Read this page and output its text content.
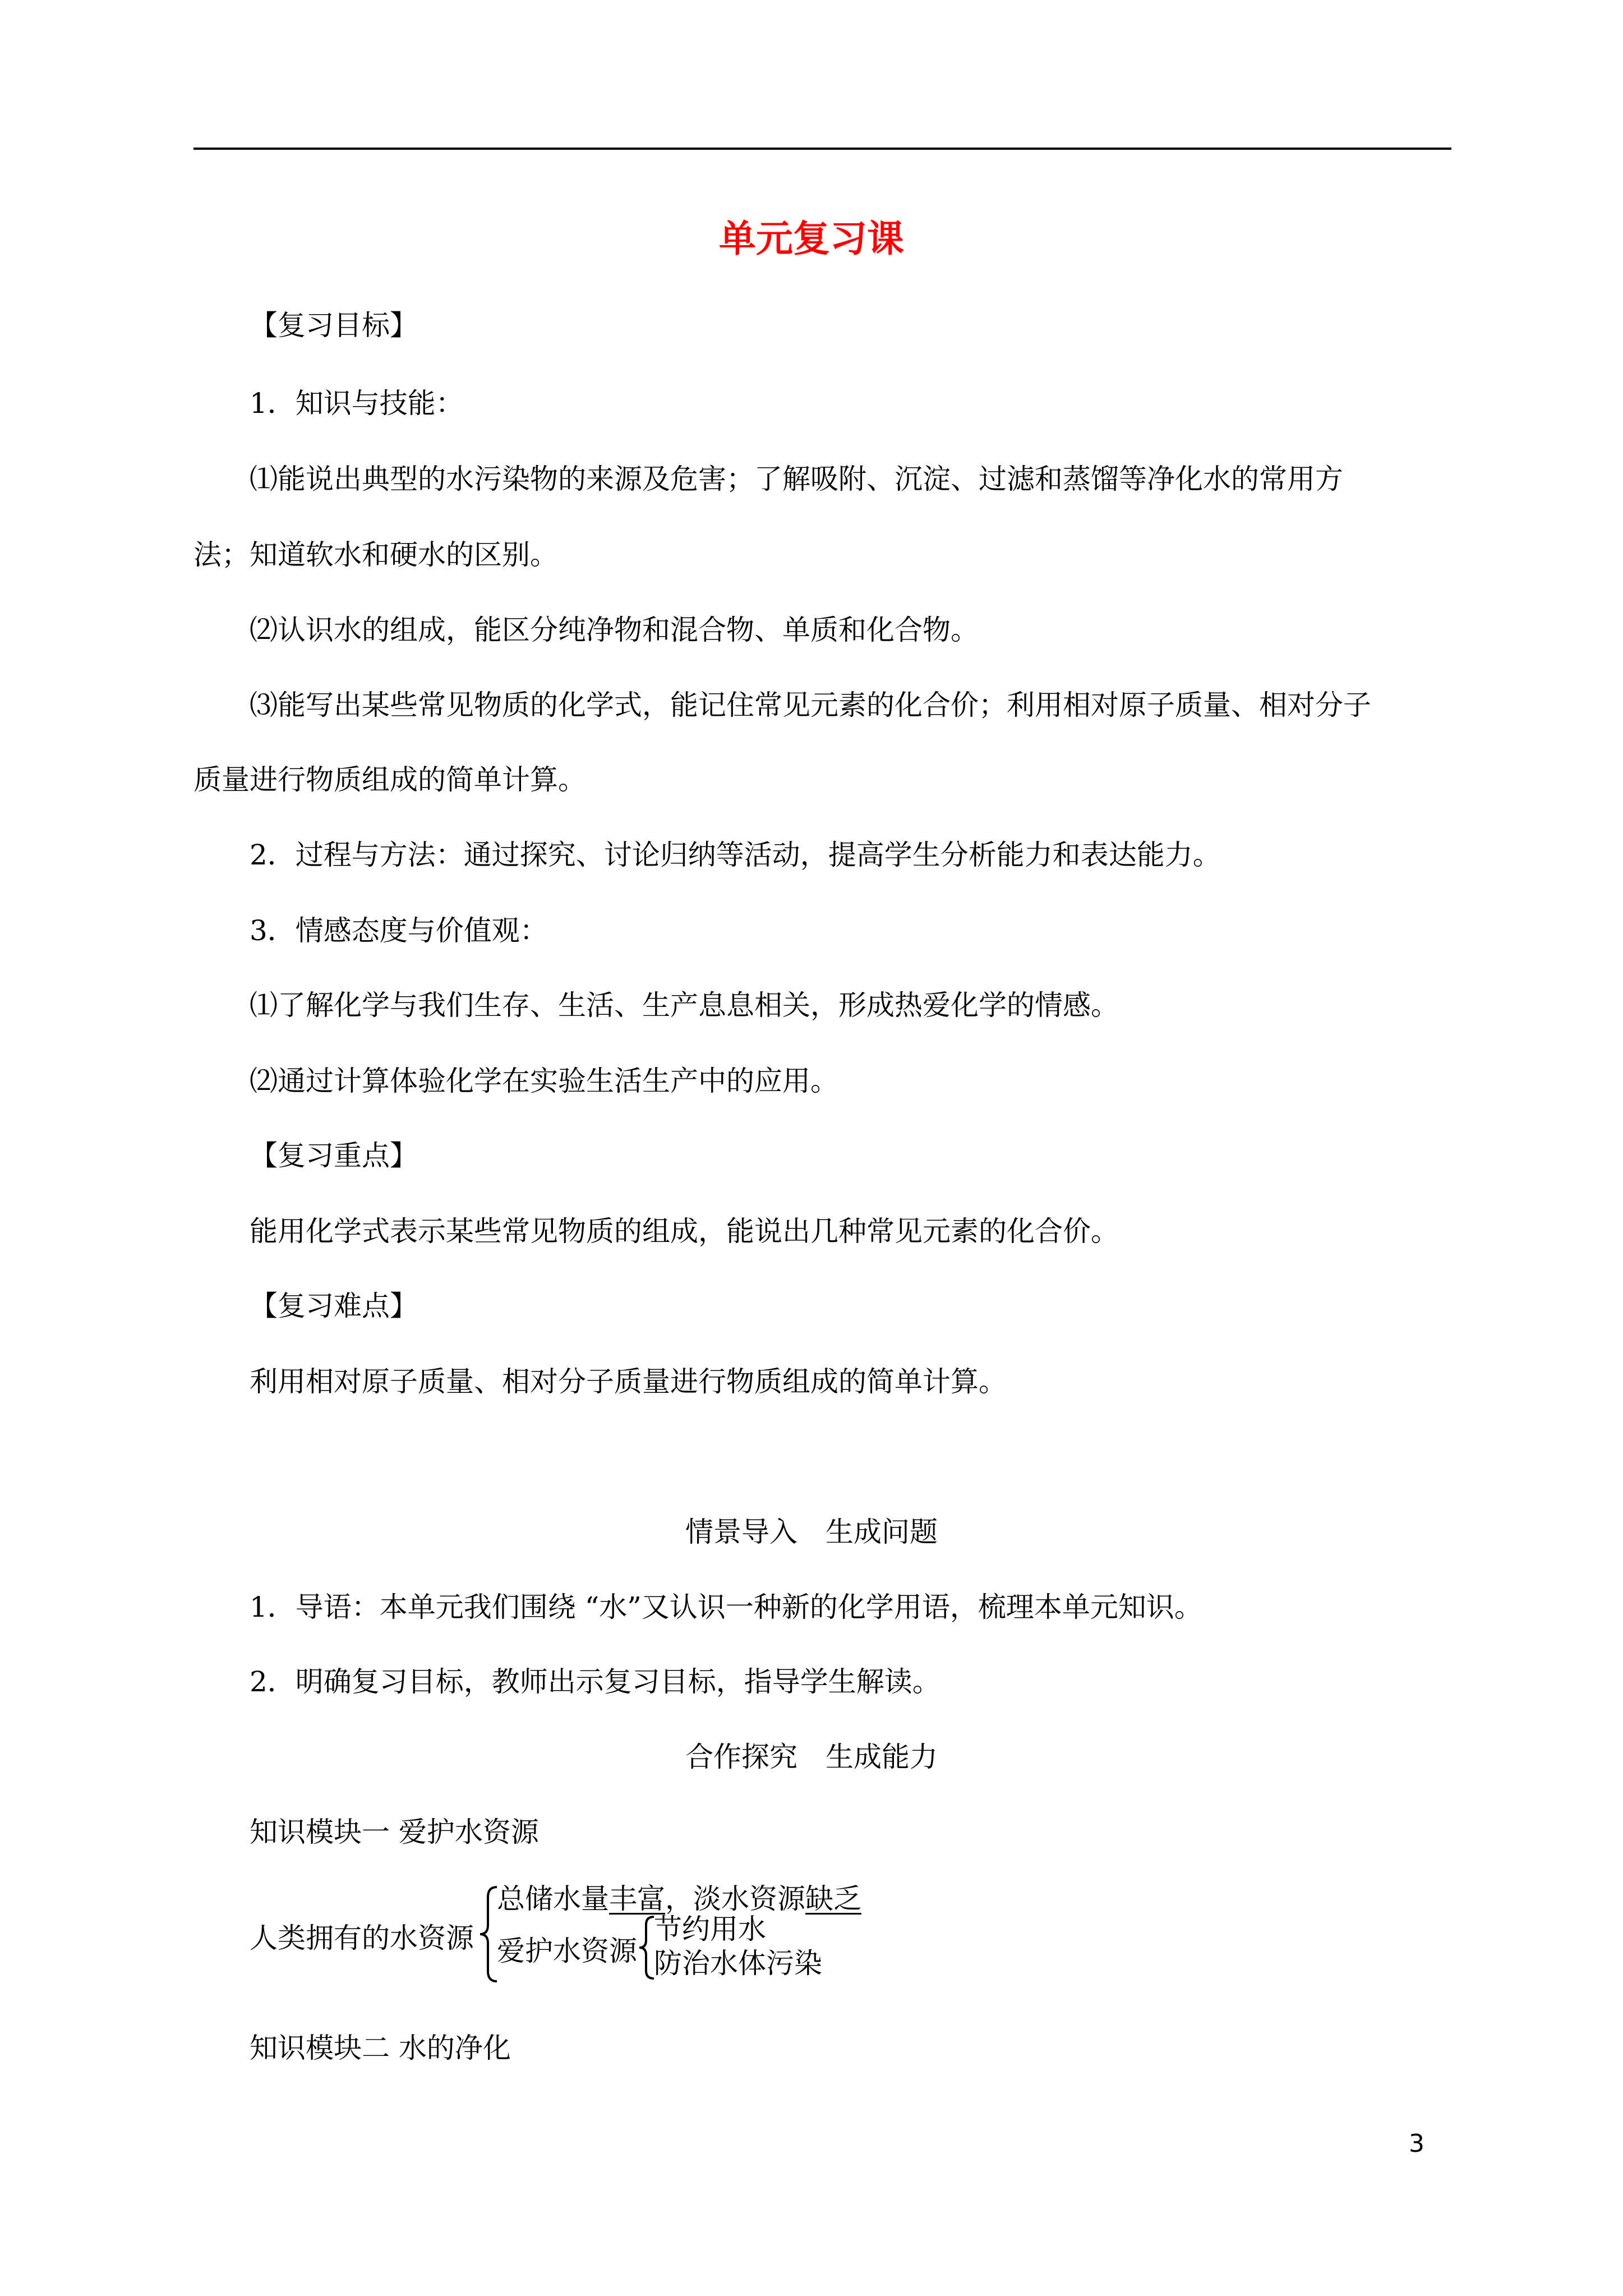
单元复习课
【复习目标】
1．知识与技能：
⑴能说出典型的水污染物的来源及危害；了解吸附、沉淀、过滤和蒸馏等净化水的常用方
法；知道软水和硬水的区别。
⑵认识水的组成，能区分纯净物和混合物、单质和化合物。
⑶能写出某些常见物质的化学式，能记住常见元素的化合价；利用相对原子质量、相对分子
质量进行物质组成的简单计算。
2．过程与方法：通过探究、讨论归纳等活动，提高学生分析能力和表达能力。
3．情感态度与价值观：
⑴了解化学与我们生存、生活、生产息息相关，形成热爱化学的情感。
⑵通过计算体验化学在实验生活生产中的应用。
【复习重点】
能用化学式表示某些常见物质的组成，能说出几种常见元素的化合价。
【复习难点】
利用相对原子质量、相对分子质量进行物质组成的简单计算。
情景导入　生成问题
1．导语：本单元我们围绕 “水”又认识一种新的化学用语，梳理本单元知识。
2．明确复习目标，教师出示复习目标，指导学生解读。
合作探究　生成能力
知识模块一 爱护水资源
人类拥有的水资源
总储水量丰富，淡水资源缺乏
爱护水资源
节约用水
防治水体污染
知识模块二 水的净化
3
